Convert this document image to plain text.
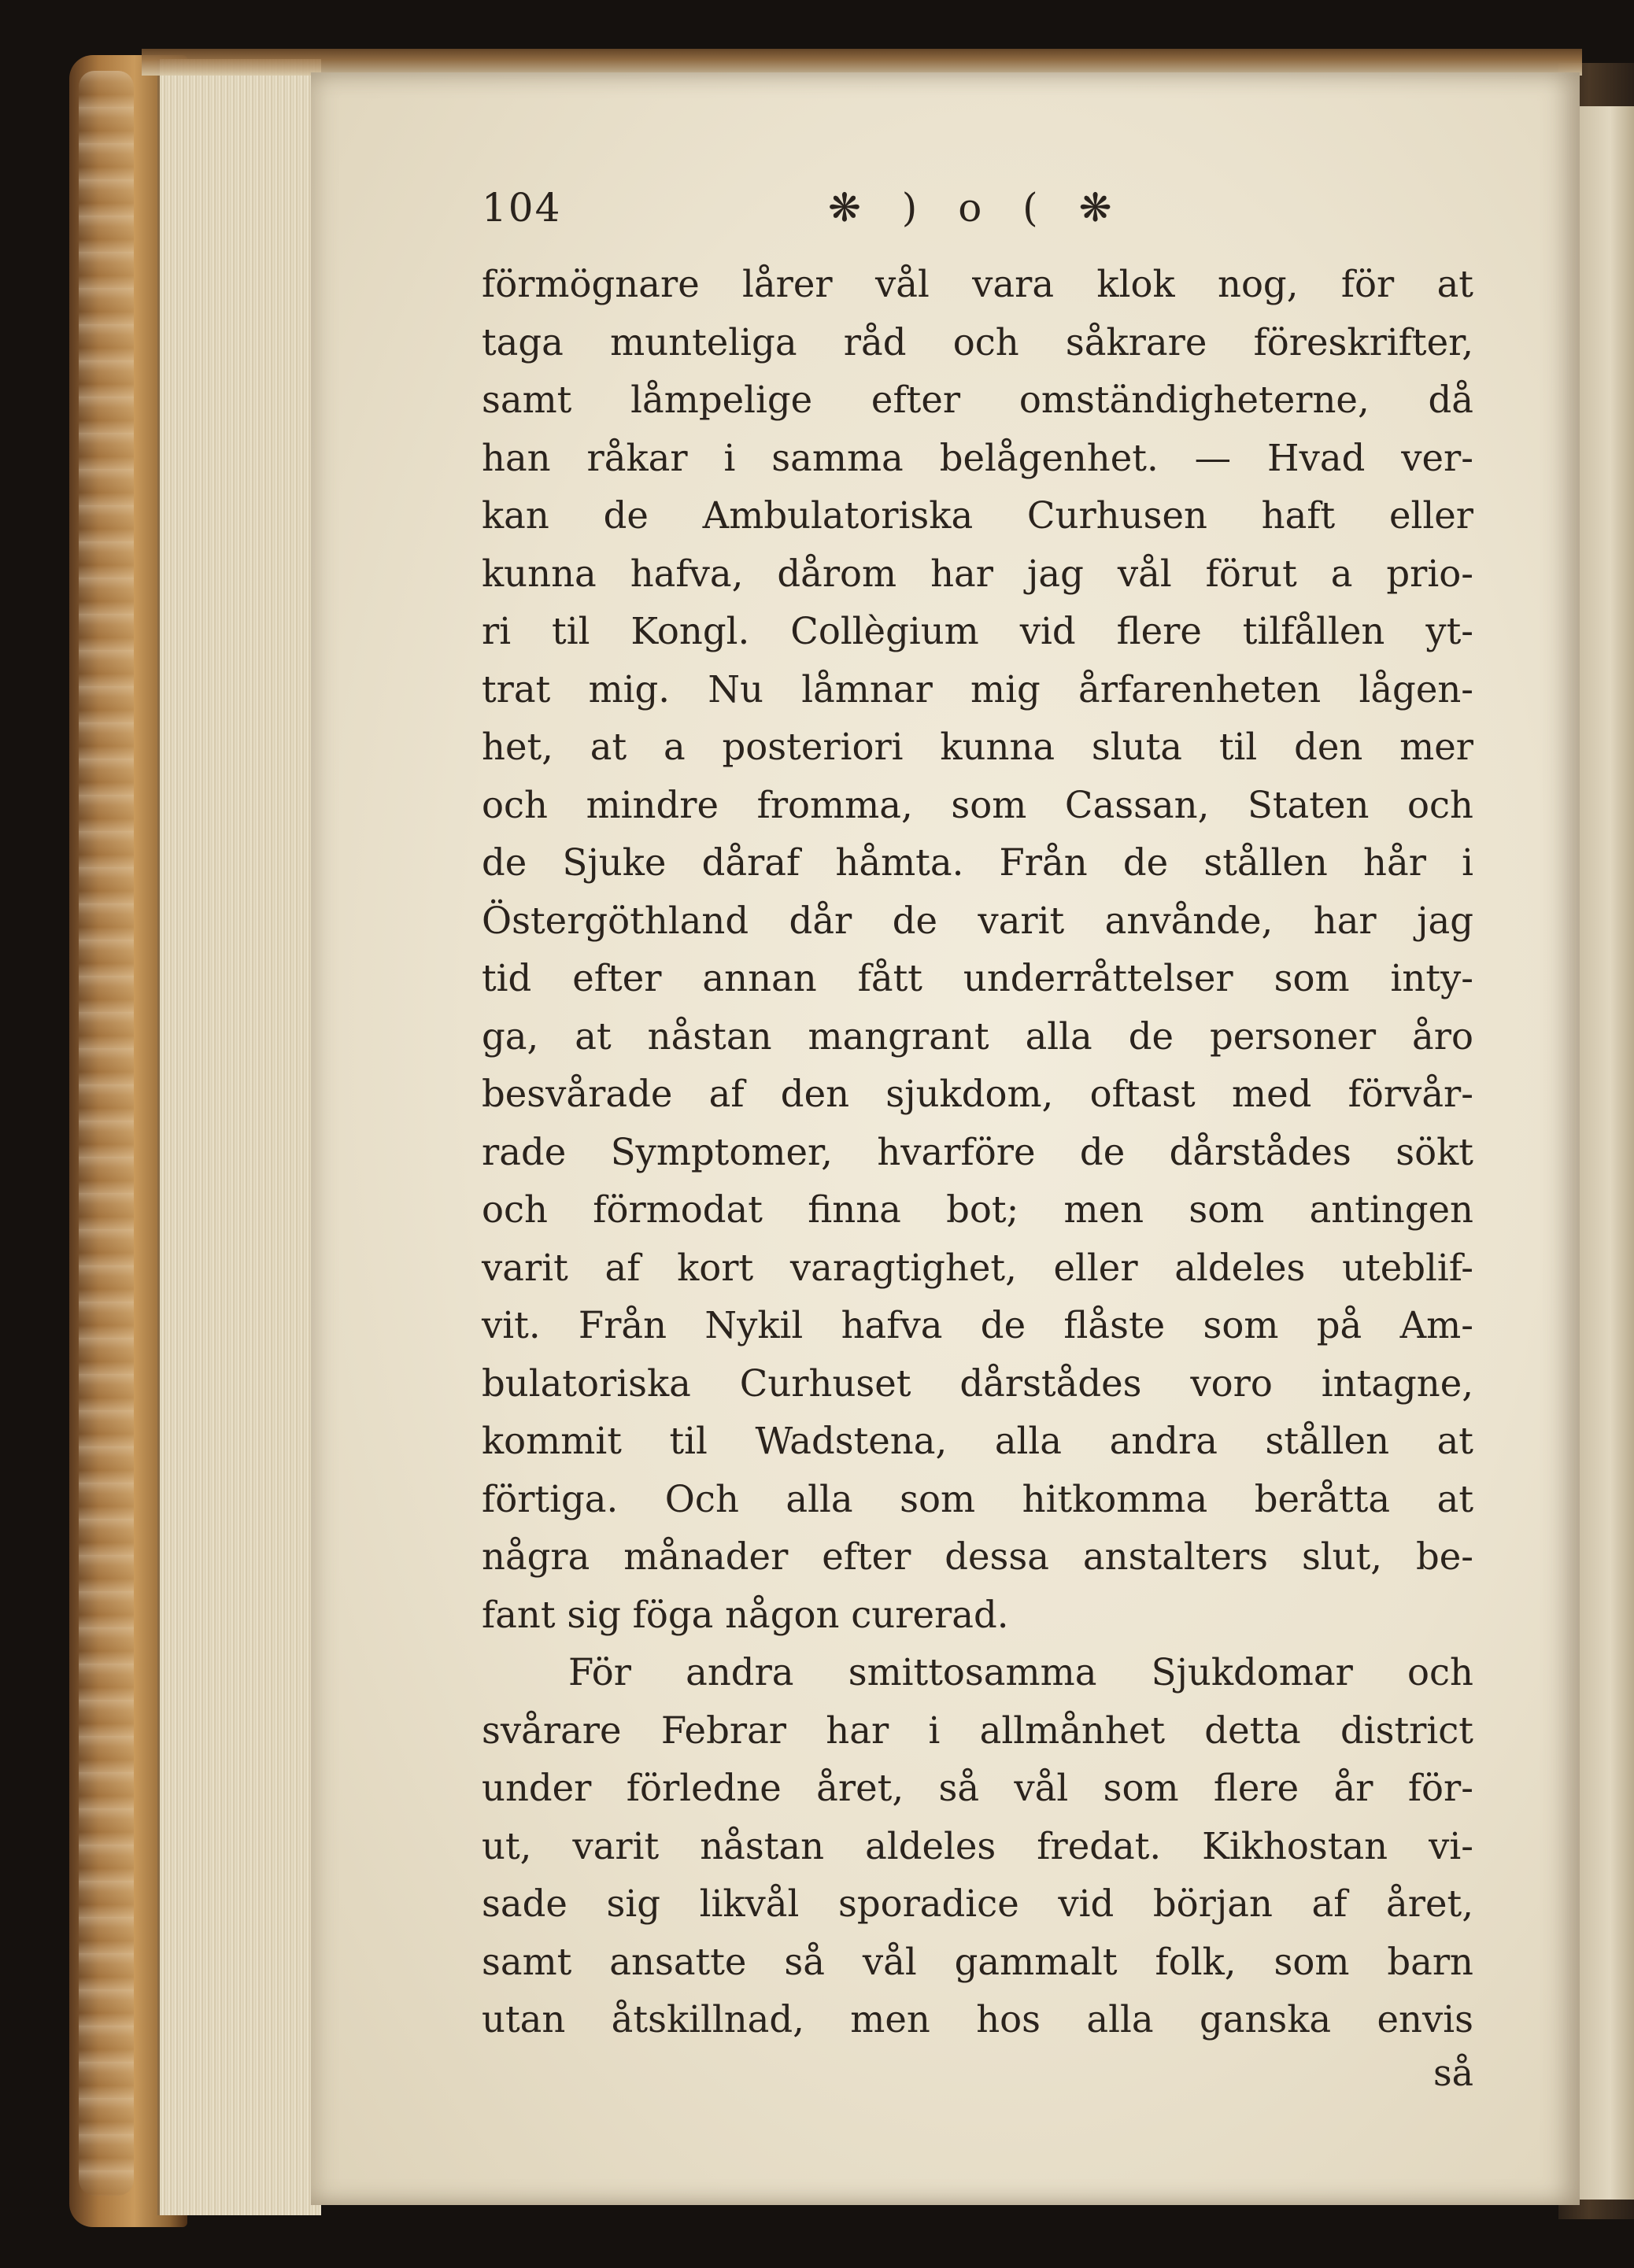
104	❋ ) o ( ❋
förmögnare lårer vål vara klok nog, för at
taga munteliga råd och såkrare föreskrifter,
samt låmpelige efter omständigheterne, då
han råkar i samma belågenhet. — Hvad ver-
kan de Ambulatoriska Curhusen haft eller
kunna hafva, dårom har jag vål förut a prio-
ri til Kongl. Collègium vid flere tilfållen yt-
trat mig. Nu låmnar mig årfarenheten lågen-
het, at a posteriori kunna sluta til den mer
och mindre fromma, som Cassan, Staten och
de Sjuke dåraf håmta. Från de stållen hår i
Östergöthland dår de varit anvånde, har jag
tid efter annan fått underråttelser som inty-
ga, at nåstan mangrant alla de personer åro
besvårade af den sjukdom, oftast med förvår-
rade Symptomer, hvarföre de dårstådes sökt
och förmodat finna bot; men som antingen
varit af kort varagtighet, eller aldeles uteblif-
vit. Från Nykil hafva de flåste som på Am-
bulatoriska Curhuset dårstådes voro intagne,
kommit til Wadstena, alla andra stållen at
förtiga. Och alla som hitkomma beråtta at
några månader efter dessa anstalters slut, be-
fant sig föga någon curerad.
För andra smittosamma Sjukdomar och
svårare Febrar har i allmånhet detta district
under förledne året, så vål som flere år för-
ut, varit nåstan aldeles fredat. Kikhostan vi-
sade sig likvål sporadice vid början af året,
samt ansatte så vål gammalt folk, som barn
utan åtskillnad, men hos alla ganska envis
så
